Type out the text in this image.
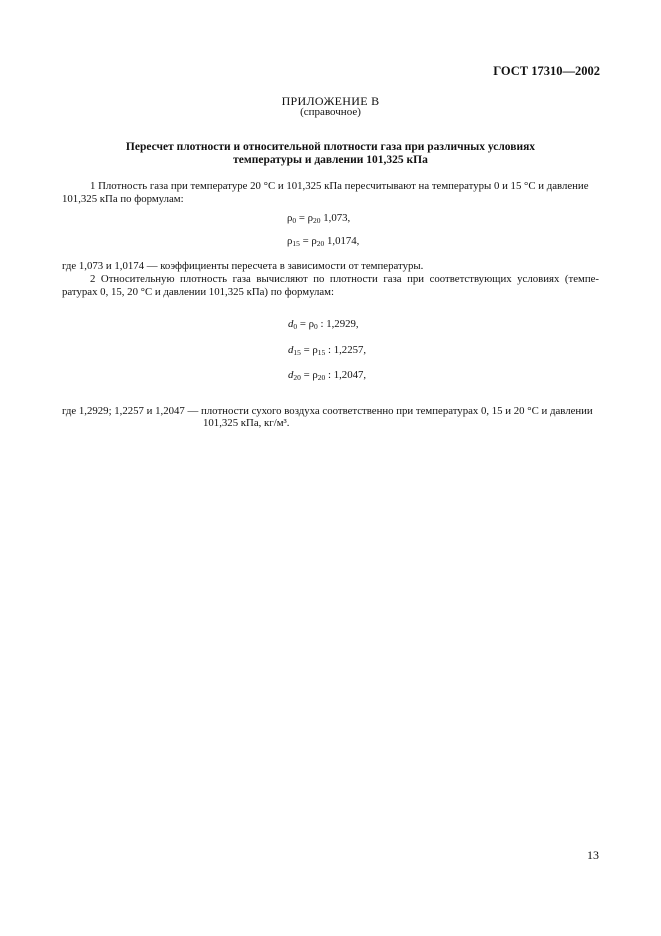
ГОСТ 17310—2002
ПРИЛОЖЕНИЕ В
(справочное)
Пересчет плотности и относительной плотности газа при различных условиях
температуры и давлении 101,325 кПа
1 Плотность газа при температуре 20 °С и 101,325 кПа пересчитывают на температуры 0 и 15 °С и давление
101,325 кПа по формулам:
$\rho_0 = \rho_{20}$ 1,073,
$\rho_{15} = \rho_{20}$ 1,0174,
где 1,073 и 1,0174 — коэффициенты пересчета в зависимости от температуры.
2 Относительную плотность газа вычисляют по плотности газа при соответствующих условиях (темпе-
ратурах 0, 15, 20 °С и давлении 101,325 кПа) по формулам:
$d_0 = \rho_0$ : 1,2929,
$d_{15} = \rho_{15}$ : 1,2257,
$d_{20} = \rho_{20}$ : 1,2047,
где 1,2929; 1,2257 и 1,2047 — плотности сухого воздуха соответственно при температурах 0, 15 и 20 °С и давлении
101,325 кПа, кг/м³.
13
